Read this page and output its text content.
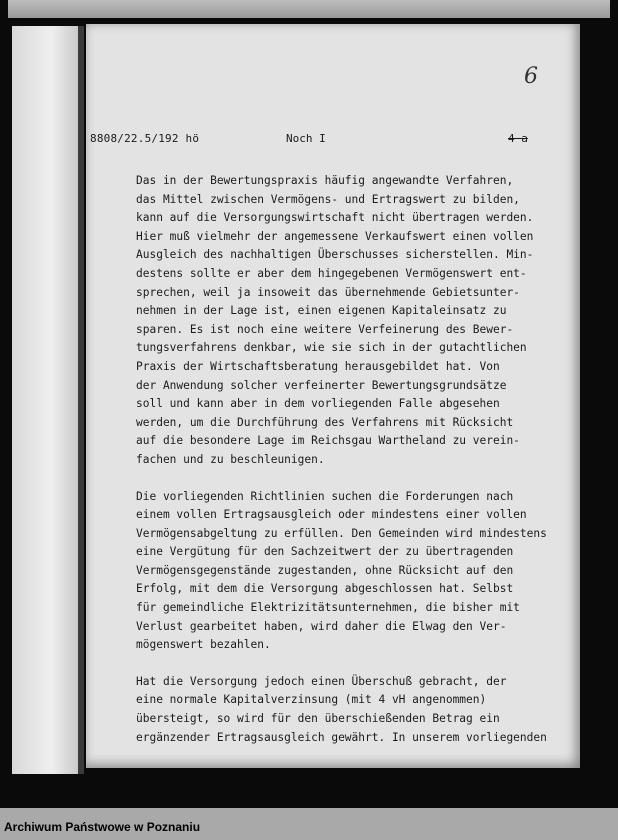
6
8808/22.5/192 hö	Noch I	4 a
Das in der Bewertungspraxis häufig angewandte Verfahren,
das Mittel zwischen Vermögens- und Ertragswert zu bilden,
kann auf die Versorgungswirtschaft nicht übertragen werden.
Hier muß vielmehr der angemessene Verkaufswert einen vollen
Ausgleich des nachhaltigen Überschusses sicherstellen. Min-
destens sollte er aber dem hingegebenen Vermögenswert ent-
sprechen, weil ja insoweit das übernehmende Gebietsunter-
nehmen in der Lage ist, einen eigenen Kapitaleinsatz zu
sparen. Es ist noch eine weitere Verfeinerung des Bewer-
tungsverfahrens denkbar, wie sie sich in der gutachtlichen
Praxis der Wirtschaftsberatung herausgebildet hat. Von
der Anwendung solcher verfeinerter Bewertungsgrundsätze
soll und kann aber in dem vorliegenden Falle abgesehen
werden, um die Durchführung des Verfahrens mit Rücksicht
auf die besondere Lage im Reichsgau Wartheland zu verein-
fachen und zu beschleunigen.
Die vorliegenden Richtlinien suchen die Forderungen nach
einem vollen Ertragsausgleich oder mindestens einer vollen
Vermögensabgeltung zu erfüllen. Den Gemeinden wird mindestens
eine Vergütung für den Sachzeitwert der zu übertragenden
Vermögensgegenstände zugestanden, ohne Rücksicht auf den
Erfolg, mit dem die Versorgung abgeschlossen hat. Selbst
für gemeindliche Elektrizitätsunternehmen, die bisher mit
Verlust gearbeitet haben, wird daher die Elwag den Ver-
mögenswert bezahlen.
Hat die Versorgung jedoch einen Überschuß gebracht, der
eine normale Kapitalverzinsung (mit 4 vH angenommen)
übersteigt, so wird für den überschießenden Betrag ein
ergänzender Ertragsausgleich gewährt. In unserem vorliegenden
Archiwum Państwowe w Poznaniu
